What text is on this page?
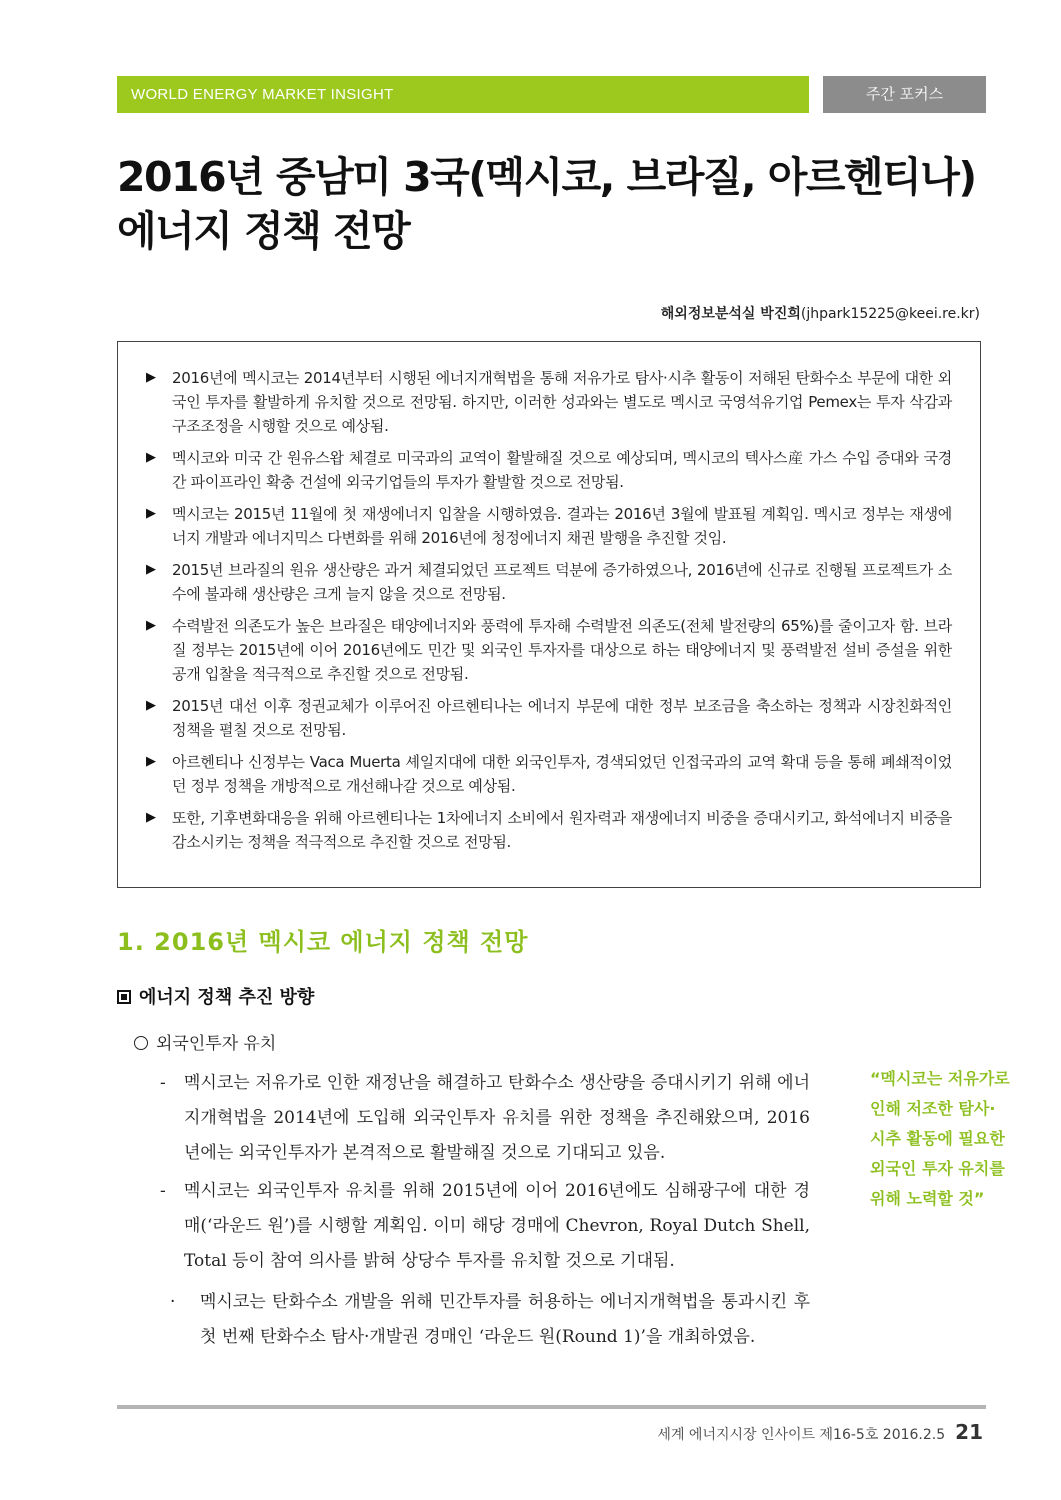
WORLD ENERGY MARKET INSIGHT	주간 포커스
2016년 중남미 3국(멕시코, 브라질, 아르헨티나) 에너지 정책 전망
해외정보분석실 박진희(jhpark15225@keei.re.kr)
▶ 2016년에 멕시코는 2014년부터 시행된 에너지개혁법을 통해 저유가로 탐사·시추 활동이 저해된 탄화수소 부문에 대한 외국인 투자를 활발하게 유치할 것으로 전망됨. 하지만, 이러한 성과와는 별도로 멕시코 국영석유기업 Pemex는 투자 삭감과 구조조정을 시행할 것으로 예상됨.
▶ 멕시코와 미국 간 원유스왑 체결로 미국과의 교역이 활발해질 것으로 예상되며, 멕시코의 텍사스産 가스 수입 증대와 국경 간 파이프라인 확충 건설에 외국기업들의 투자가 활발할 것으로 전망됨.
▶ 멕시코는 2015년 11월에 첫 재생에너지 입찰을 시행하였음. 결과는 2016년 3월에 발표될 계획임. 멕시코 정부는 재생에너지 개발과 에너지믹스 다변화를 위해 2016년에 청정에너지 채권 발행을 추진할 것임.
▶ 2015년 브라질의 원유 생산량은 과거 체결되었던 프로젝트 덕분에 증가하였으나, 2016년에 신규로 진행될 프로젝트가 소수에 불과해 생산량은 크게 늘지 않을 것으로 전망됨.
▶ 수력발전 의존도가 높은 브라질은 태양에너지와 풍력에 투자해 수력발전 의존도(전체 발전량의 65%)를 줄이고자 함. 브라질 정부는 2015년에 이어 2016년에도 민간 및 외국인 투자자를 대상으로 하는 태양에너지 및 풍력발전 설비 증설을 위한 공개 입찰을 적극적으로 추진할 것으로 전망됨.
▶ 2015년 대선 이후 정권교체가 이루어진 아르헨티나는 에너지 부문에 대한 정부 보조금을 축소하는 정책과 시장친화적인 정책을 펼칠 것으로 전망됨.
▶ 아르헨티나 신정부는 Vaca Muerta 셰일지대에 대한 외국인투자, 경색되었던 인접국과의 교역 확대 등을 통해 폐쇄적이었던 정부 정책을 개방적으로 개선해나갈 것으로 예상됨.
▶ 또한, 기후변화대응을 위해 아르헨티나는 1차에너지 소비에서 원자력과 재생에너지 비중을 증대시키고, 화석에너지 비중을 감소시키는 정책을 적극적으로 추진할 것으로 전망됨.
1. 2016년 멕시코 에너지 정책 전망
에너지 정책 추진 방향
외국인투자 유치
- 멕시코는 저유가로 인한 재정난을 해결하고 탄화수소 생산량을 증대시키기 위해 에너지개혁법을 2014년에 도입해 외국인투자 유치를 위한 정책을 추진해왔으며, 2016년에는 외국인투자가 본격적으로 활발해질 것으로 기대되고 있음.
- 멕시코는 외국인투자 유치를 위해 2015년에 이어 2016년에도 심해광구에 대한 경매(‘라운드 원’)를 시행할 계획임. 이미 해당 경매에 Chevron, Royal Dutch Shell, Total 등이 참여 의사를 밝혀 상당수 투자를 유치할 것으로 기대됨.
· 멕시코는 탄화수소 개발을 위해 민간투자를 허용하는 에너지개혁법을 통과시킨 후 첫 번째 탄화수소 탐사·개발권 경매인 ‘라운드 원(Round 1)’을 개최하였음.
“멕시코는 저유가로 인해 저조한 탐사·시추 활동에 필요한 외국인 투자 유치를 위해 노력할 것”
세계 에너지시장 인사이트 제16-5호 2016.2.5 21
